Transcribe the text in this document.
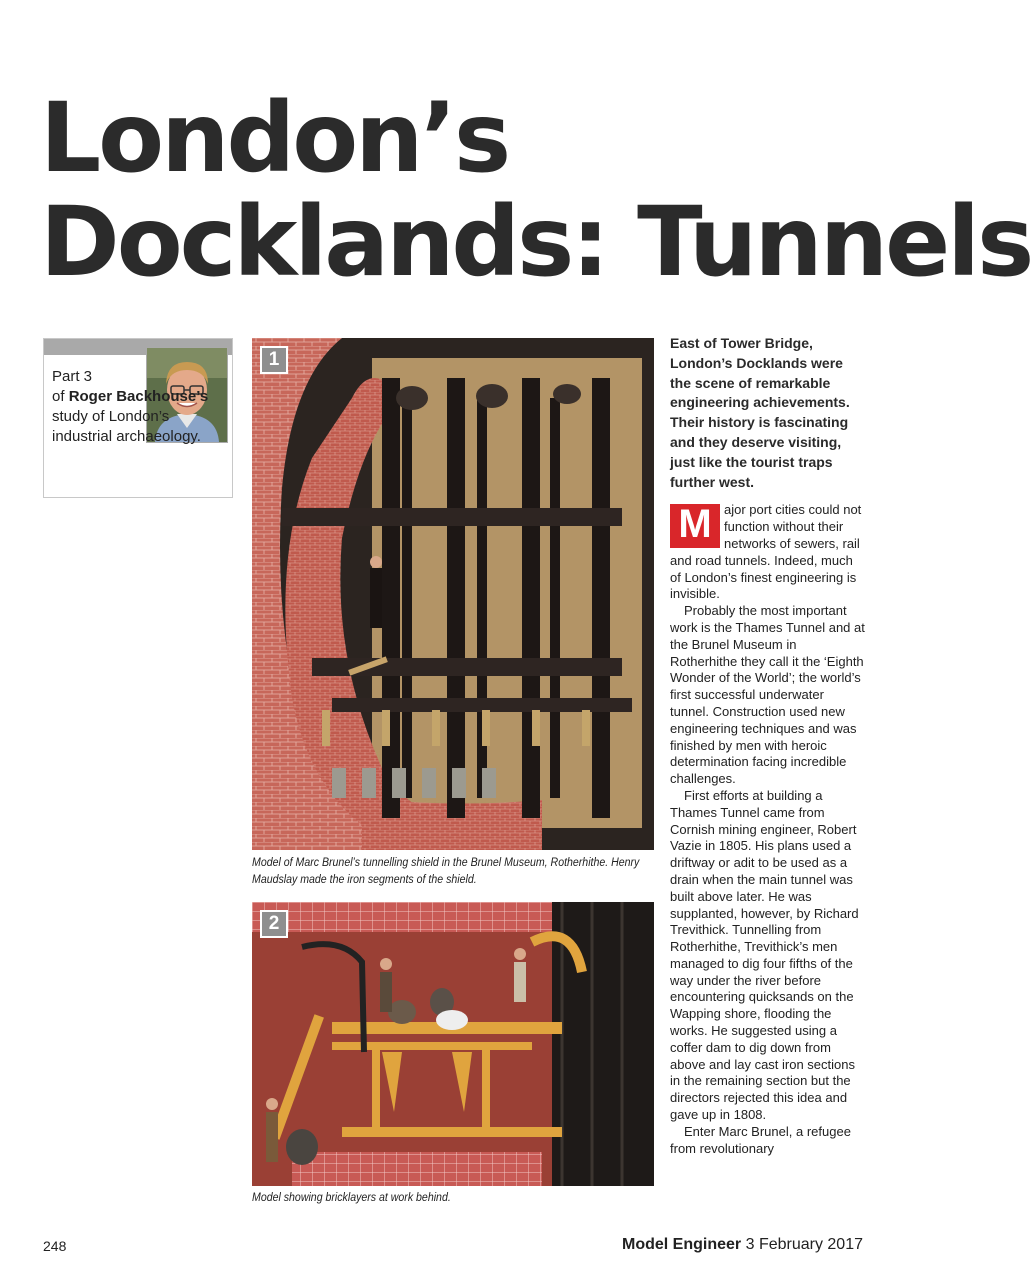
London’s
Docklands: Tunnels
Part 3
of Roger Backhouse’s study of London’s industrial archaeology.
1

Model of Marc Brunel’s tunnelling shield in the Brunel Museum, Rotherhithe. Henry Maudslay made the iron segments of the shield.

2

Model showing bricklayers at work behind.

East of Tower Bridge, London’s Docklands were the scene of remarkable engineering achievements. Their history is fascinating and they deserve visiting, just like the tourist traps further west.

M ajor port cities could not function without their networks of sewers, rail and road tunnels. Indeed, much of London’s finest engineering is invisible.

Probably the most important work is the Thames Tunnel and at the Brunel Museum in Rotherhithe they call it the ‘Eighth Wonder of the World’; the world’s first successful underwater tunnel. Construction used new engineering techniques and was finished by men with heroic determination facing incredible challenges.

First efforts at building a Thames Tunnel came from Cornish mining engineer, Robert Vazie in 1805. His plans used a driftway or adit to be used as a drain when the main tunnel was built above later. He was supplanted, however, by Richard Trevithick. Tunnelling from Rotherhithe, Trevithick’s men managed to dig four fifths of the way under the river before encountering quicksands on the Wapping shore, flooding the works. He suggested using a coffer dam to dig down from above and lay cast iron sections in the remaining section but the directors rejected this idea and gave up in 1808.

Enter Marc Brunel, a refugee from revolutionary

248	Model Engineer 3 February 2017
